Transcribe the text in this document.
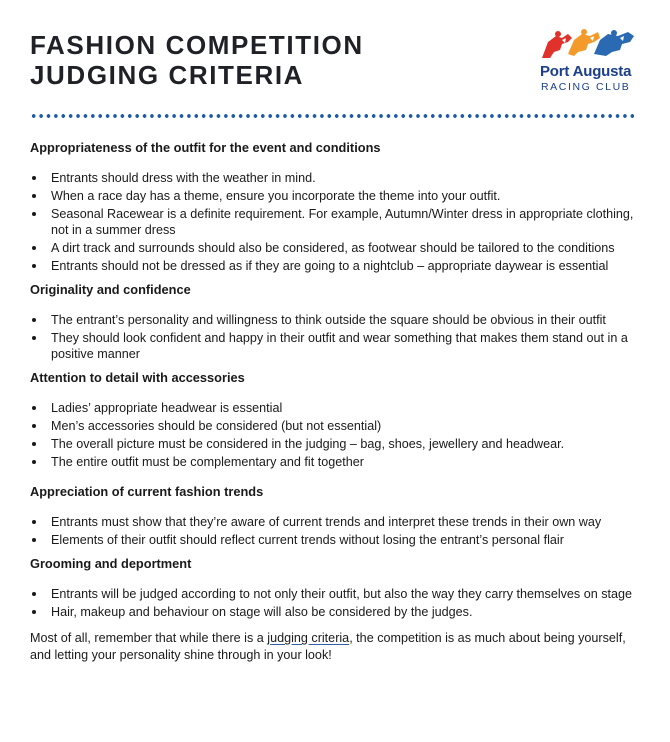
FASHION COMPETITION
JUDGING CRITERIA	Port Augusta
RACING CLUB
Appropriateness of the outfit for the event and conditions
Entrants should dress with the weather in mind.
When a race day has a theme, ensure you incorporate the theme into your outfit.
Seasonal Racewear is a definite requirement. For example, Autumn/Winter dress in appropriate clothing, not in a summer dress
A dirt track and surrounds should also be considered, as footwear should be tailored to the conditions
Entrants should not be dressed as if they are going to a nightclub – appropriate daywear is essential
Originality and confidence
The entrant’s personality and willingness to think outside the square should be obvious in their outfit
They should look confident and happy in their outfit and wear something that makes them stand out in a positive manner
Attention to detail with accessories
Ladies’ appropriate headwear is essential
Men’s accessories should be considered (but not essential)
The overall picture must be considered in the judging – bag, shoes, jewellery and headwear.
The entire outfit must be complementary and fit together
Appreciation of current fashion trends
Entrants must show that they’re aware of current trends and interpret these trends in their own way
Elements of their outfit should reflect current trends without losing the entrant’s personal flair
Grooming and deportment
Entrants will be judged according to not only their outfit, but also the way they carry themselves on stage
Hair, makeup and behaviour on stage will also be considered by the judges.

Most of all, remember that while there is a judging criteria, the competition is as much about being yourself, and letting your personality shine through in your look!
